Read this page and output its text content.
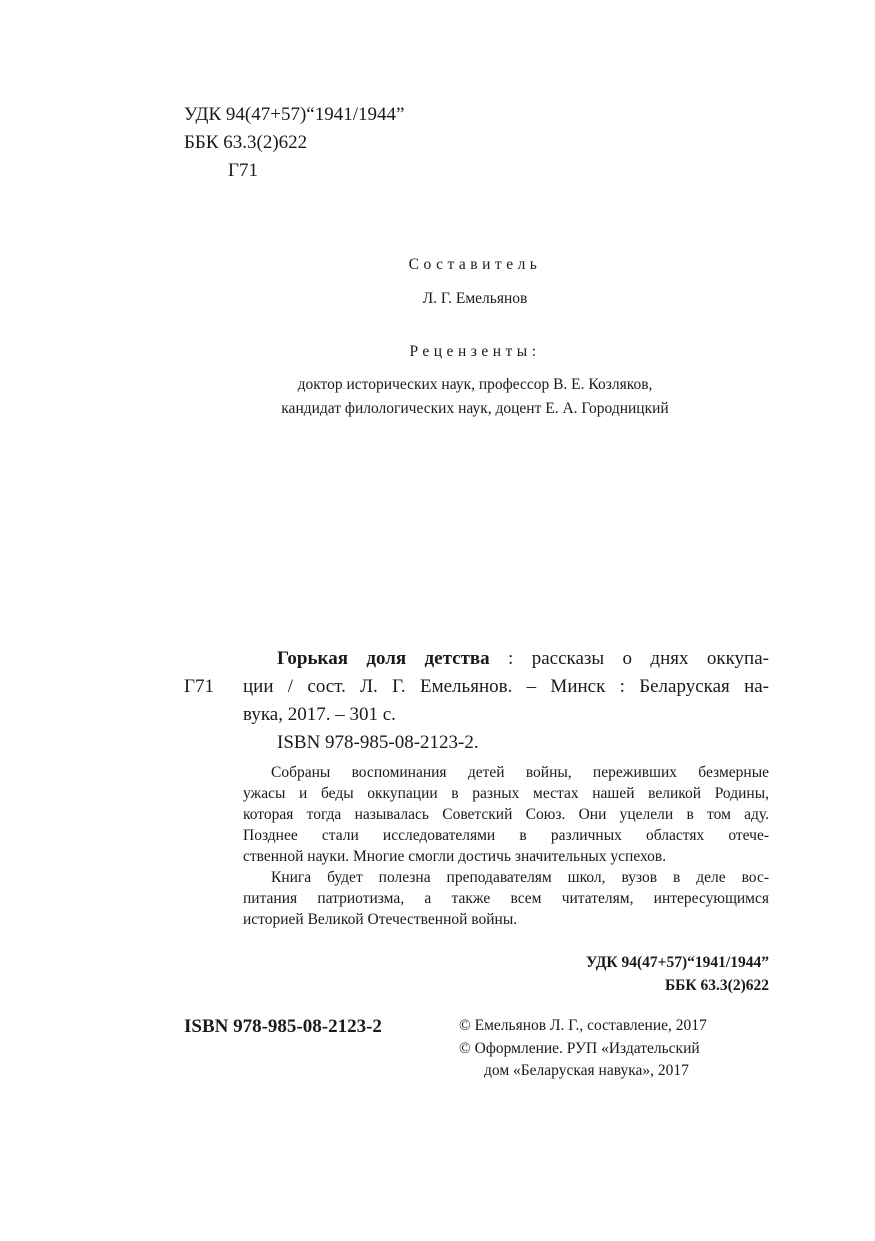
УДК 94(47+57)“1941/1944”
ББК 63.3(2)622
Г71
Составитель
Л. Г. Емельянов
Рецензенты:
доктор исторических наук, профессор В. Е. Козляков,
кандидат филологических наук, доцент Е. А. Городницкий
Г71
Горькая доля детства : рассказы о днях оккупа-
ции / сост. Л. Г. Емельянов. – Минск : Беларуская на-
вука, 2017. – 301 с.
ISBN 978-985-08-2123-2.
Собраны воспоминания детей войны, переживших безмерные
ужасы и беды оккупации в разных местах нашей великой Родины,
которая тогда называлась Советский Союз. Они уцелели в том аду.
Позднее стали исследователями в различных областях отече-
ственной науки. Многие смогли достичь значительных успехов.
Книга будет полезна преподавателям школ, вузов в деле вос-
питания патриотизма, а также всем читателям, интересующимся
историей Великой Отечественной войны.
УДК 94(47+57)“1941/1944”
ББК 63.3(2)622
ISBN 978-985-08-2123-2	© Емельянов Л. Г., составление, 2017
© Оформление. РУП «Издательский
дом «Беларуская навука», 2017
